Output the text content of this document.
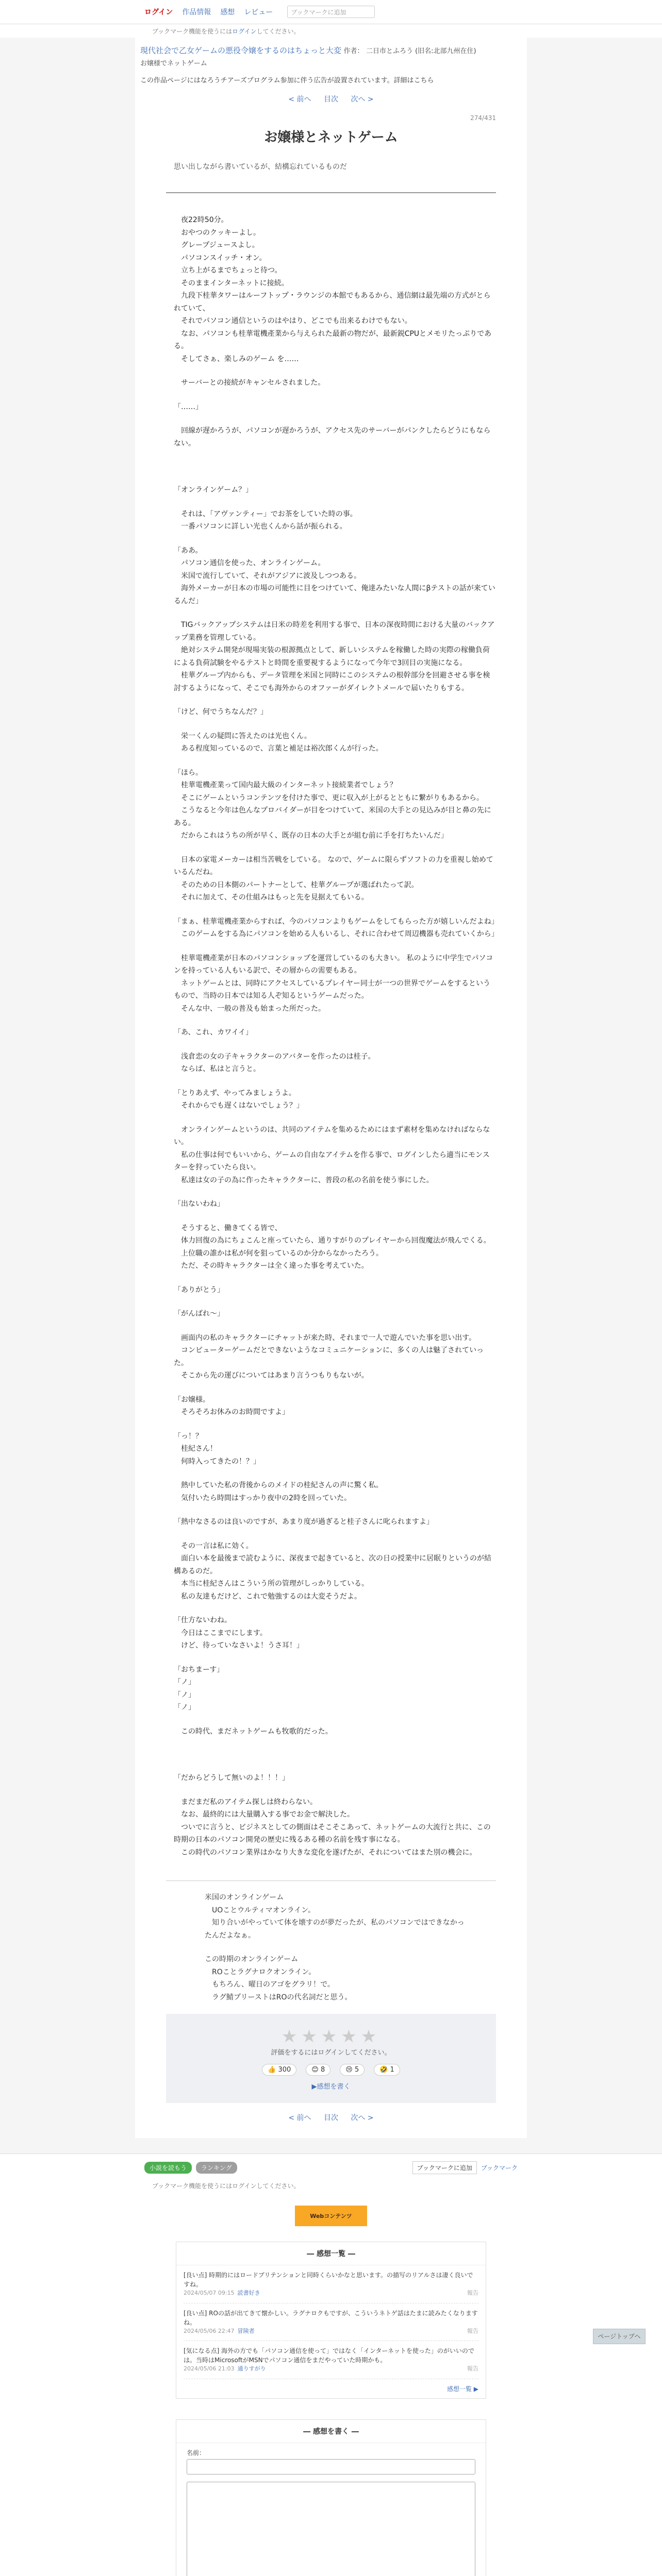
ログイン 作品情報 感想 レビュー	ブックマークに追加
ブックマーク機能を使うには ログイン してください。
現代社会で乙女ゲームの悪役令嬢をするのはちょっと大変 作者： 二日市とふろう (旧名:北部九州在住)
お嬢様でネットゲーム
この作品ページにはなろうチアーズプログラム参加に伴う広告が設置されています。詳細はこちら
< 前へ 目次 次へ >
274/431
お嬢様とネットゲーム
思い出しながら書いているが、結構忘れているものだ

　夜22時50分。

　おやつのクッキーよし。

　グレープジュースよし。

　パソコンスイッチ・オン。

　立ち上がるまでちょっと待つ。

　そのままインターネットに接続。

　九段下桂華タワーはルーフトップ・ラウンジの本館でもあるから、通信網は最先端の方式がとられていて、

　それでパソコン通信というのはやはり、どこでも出来るわけでもない。

　なお、パソコンも桂華電機產業から与えられた最新の物だが、最新鋭CPUとメモリたっぷりである。

　そしてさぁ、楽しみのゲーム を……

　サーバーとの接続がキャンセルされました。

「……」

　回線が遅かろうが、パソコンが遅かろうが、アクセス先のサーバーがパンクしたらどうにもならない。

「オンラインゲーム？」

　それは、「アヴァンティー」でお茶をしていた時の事。

　一番パソコンに詳しい光也くんから話が振られる。

「ああ。

　パソコン通信を使った、オンラインゲーム。

　米国で流行していて、それがアジアに波及しつつある。

　海外メーカーが日本の市場の可能性に目をつけていて、俺達みたいな人間にβテストの話が来ているんだ」

　TIGバックアップシステムは日米の時差を利用する事で、日本の深夜時間における大量のバックアップ業務を管理している。

　絶対システム開発が現場実装の根源拠点として、新しいシステムを稼働した時の実際の稼働負荷による負荷試験をやるテストと時間を重要視するようになって今年で3回目の実施になる。

　桂華グループ内からも、データ管理を米国と同時にこのシステムの根幹部分を回避させる事を検討するようになって、そこでも海外からのオファーがダイレクトメールで届いたりもする。

「けど、何でうちなんだ？」

　栄一くんの疑問に答えたのは光也くん。

　ある程度知っているので、言葉と補足は裕次郎くんが行った。

「ほら。

　桂華電機產業って国内最大級のインターネット接続業者でしょう？

　そこにゲームというコンテンツを付けた事で、更に収入が上がるとともに繋がりもあるから。

　こうなると今年は色んなプロバイダーが目をつけていて、米国の大手との見込みが目と鼻の先にある。

　だからこれはうちの所が早く、既存の日本の大手とが組む前に手を打ちたいんだ」

　日本の家電メーカーは相当苦戦をしている。 なので、ゲームに限らずソフトの力を重視し始めているんだね。

　そのための日本側のパートナーとして、桂華グループが選ばれたって訳。

　それに加えて、その仕組みはもっと先を見据えてもいる。

「まぁ、桂華電機產業からすれば、今のパソコンよりもゲームをしてもらった方が嬉しいんだよね」

　このゲームをする為にパソコンを始める人もいるし、それに合わせて周辺機器も売れていくから」

　桂華電機產業が日本のパソコンショップを運営しているのも大きい。 私のように中学生でパソコンを持っている人もいる訳で、その層からの需要もある。

　ネットゲームとは、同時にアクセスしているプレイヤー同士が一つの世界でゲームをするというもので、当時の日本では知る人ぞ知るというゲームだった。

　そんな中、一般の普及も始まった所だった。

「あ、これ、カワイイ」

　浅倉恋の女の子キャラクターのアバターを作ったのは桂子。

　ならば、私はと言うと。

「とりあえず、やってみましょうよ。

　それからでも遅くはないでしょう？」

　オンラインゲームというのは、共同のアイテムを集めるためにはまず素材を集めなければならない。

　私の仕事は何でもいいから、ゲームの自由なアイテムを作る事で、ログインしたら適当にモンスターを狩っていたら良い。

　私達は女の子の為に作ったキャラクターに、普段の私の名前を使う事にした。

「出ないわね」

　そうすると、働きてくる皆で、

　体力回復の為にちょこんと座っていたら、通りすがりのプレイヤーから回復魔法が飛んでくる。

　上位職の誰かは私が何を狙っているのか分からなかったろう。

　ただ、その時キャラクターは全く違った事を考えていた。

「ありがとう」

「がんばれ～」

　画面内の私のキャラクターにチャットが来た時、それまで一人で遊んでいた事を思い出す。

　コンピューターゲームだとできないようなコミュニケーションに、多くの人は魅了されていった。

　そこから先の運びについてはあまり言うつもりもないが。

「お嬢様。

　そろそろお休みのお時間ですよ」

「っ！？

　桂紀さん！

　何時入ってきたの！？」

　熱中していた私の背後からのメイドの桂紀さんの声に驚く私。

　気付いたら時間はすっかり夜中の2時を回っていた。

「熱中なさるのは良いのですが、あまり度が過ぎると桂子さんに叱られますよ」

　その一言は私に効く。

　面白い本を最後まで読むように、深夜まで起きていると、次の日の授業中に居眠りというのが結構あるのだ。

　本当に桂紀さんはこういう所の管理がしっかりしている。

　私の友達もだけど、これで勉強するのは大変そうだよ。

「仕方ないわね。

　今日はここまでにします。

　けど、待っていなさいよ！うさ耳！」

「おちまーす」

「ノ」

「ノ」

「ノ」

　この時代、まだネットゲームも牧歌的だった。

「だからどうして無いのよ！！！」

　まだまだ私のアイテム探しは終わらない。

　なお、最終的には大量購入する事でお金で解決した。

　ついでに言うと、ビジネスとしての側面はそこそこあって、ネットゲームの大流行と共に、この時期の日本のパソコン開発の歴史に残るある種の名前を残す事になる。

　この時代のパソコン業界はかなり大きな変化を遂げたが、それについてはまた別の機会に。

米国のオンラインゲーム
　UOことウルティマオンライン。
　知り合いがやっていて体を壊すのが夢だったが、私のパソコンではできなかったんだよなぁ。
この時期のオンラインゲーム
　ROことラグナロクオンライン。
　もちろん、曜日のアゴをグラリ！で。
　ラグ鯖プリーストはROの代名詞だと思う。
★★★★★
評価をするにはログインしてください。
👍 300	😊 8	😢 5	🤣 1
▶感想を書く
< 前へ 目次 次へ >
ページトップへ
小説を読もう	ランキング	ブックマークに追加	ブックマーク
ブックマーク機能を使うにはログインしてください。
Webコンテンツ
― 感想一覧 ―
[良い点] 時期的にはロードプリテンションと同時くらいかなと思います。の描写のリアルさは凄く良いですね。
2024/05/07 09:15 読書好き	報告
[良い点] ROの話が出てきて懐かしい。ラグナロクもですが、こういうネトゲ話はたまに読みたくなりますね。
2024/05/06 22:47 冒険者	報告
[気になる点] 海外の方でも「パソコン通信を使って」ではなく「インターネットを使った」のがいいのでは。当時はMicrosoftがMSNでパソコン通信をまだやっていた時期かも。
2024/05/06 21:03 通りすがり	報告
感想一覧 ▶
― 感想を書く ―
名前：
